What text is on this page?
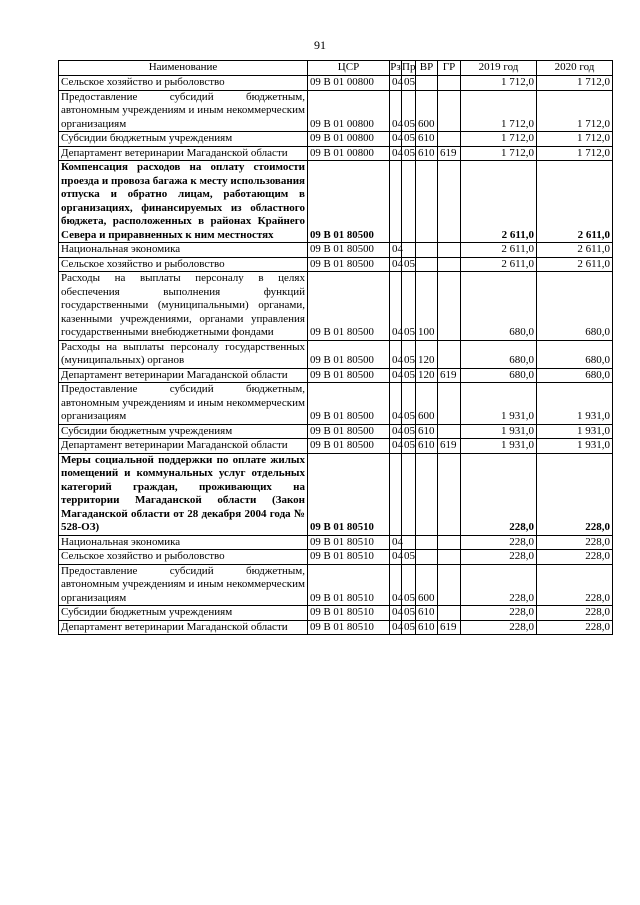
91
Наименование	ЦСР	Рз	Пр	ВР	ГР	2019 год	2020 год
Сельское хозяйство и рыболовство	09 В 01 00800	04	05			1 712,0	1 712,0
Предоставление субсидий бюджетным, автономным учреждениям и иным некоммерческим организациям	09 В 01 00800	04	05	600		1 712,0	1 712,0
Субсидии бюджетным учреждениям	09 В 01 00800	04	05	610		1 712,0	1 712,0
Департамент ветеринарии Магаданской области	09 В 01 00800	04	05	610	619	1 712,0	1 712,0
Компенсация расходов на оплату стоимости проезда и провоза багажа к месту использования отпуска и обратно лицам, работающим в организациях, финансируемых из областного бюджета, расположенных в районах Крайнего Севера и приравненных к ним местностях	09 В 01 80500					2 611,0	2 611,0
Национальная экономика	09 В 01 80500	04				2 611,0	2 611,0
Сельское хозяйство и рыболовство	09 В 01 80500	04	05			2 611,0	2 611,0
Расходы на выплаты персоналу в целях обеспечения выполнения функций государственными (муниципальными) органами, казенными учреждениями, органами управления государственными внебюджетными фондами	09 В 01 80500	04	05	100		680,0	680,0
Расходы на выплаты персоналу государственных (муниципальных) органов	09 В 01 80500	04	05	120		680,0	680,0
Департамент ветеринарии Магаданской области	09 В 01 80500	04	05	120	619	680,0	680,0
Предоставление субсидий бюджетным, автономным учреждениям и иным некоммерческим организациям	09 В 01 80500	04	05	600		1 931,0	1 931,0
Субсидии бюджетным учреждениям	09 В 01 80500	04	05	610		1 931,0	1 931,0
Департамент ветеринарии Магаданской области	09 В 01 80500	04	05	610	619	1 931,0	1 931,0
Меры социальной поддержки по оплате жилых помещений и коммунальных услуг отдельных категорий граждан, проживающих на территории Магаданской области (Закон Магаданской области от 28 декабря 2004 года № 528-ОЗ)	09 В 01 80510					228,0	228,0
Национальная экономика	09 В 01 80510	04				228,0	228,0
Сельское хозяйство и рыболовство	09 В 01 80510	04	05			228,0	228,0
Предоставление субсидий бюджетным, автономным учреждениям и иным некоммерческим организациям	09 В 01 80510	04	05	600		228,0	228,0
Субсидии бюджетным учреждениям	09 В 01 80510	04	05	610		228,0	228,0
Департамент ветеринарии Магаданской области	09 В 01 80510	04	05	610	619	228,0	228,0
